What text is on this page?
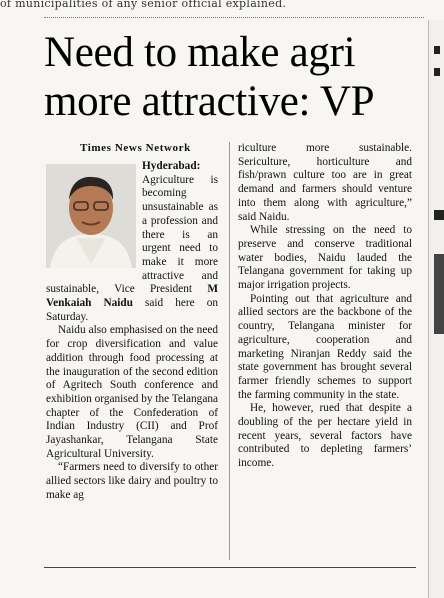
of municipalities of any senior official explained.
Need to make agri
more attractive: VP
Times News Network

Hyderabad:
Agriculture is becoming unsustainable as a profession and there is an urgent need to make it more attractive and sustainable, Vice President M Venkaiah Naidu said here on Saturday.

Naidu also emphasised on the need for crop diversification and value addition through food processing at the inauguration of the second edition of Agritech South conference and exhibition organised by the Telangana chapter of the Confederation of Indian Industry (CII) and Prof Jayashankar, Telangana State Agricultural University.

“Farmers need to diversify to other allied sectors like dairy and poultry to make ag

riculture more sustainable. Sericulture, horticulture and fish/prawn culture too are in great demand and farmers should venture into them along with agriculture,” said Naidu.

While stressing on the need to preserve and conserve traditional water bodies, Naidu lauded the Telangana government for taking up major irrigation projects.

Pointing out that agriculture and allied sectors are the backbone of the country, Telangana minister for agriculture, cooperation and marketing Niranjan Reddy said the state government has brought several farmer friendly schemes to support the farming community in the state.

He, however, rued that despite a doubling of the per hectare yield in recent years, several factors have contributed to depleting farmers’ income.
